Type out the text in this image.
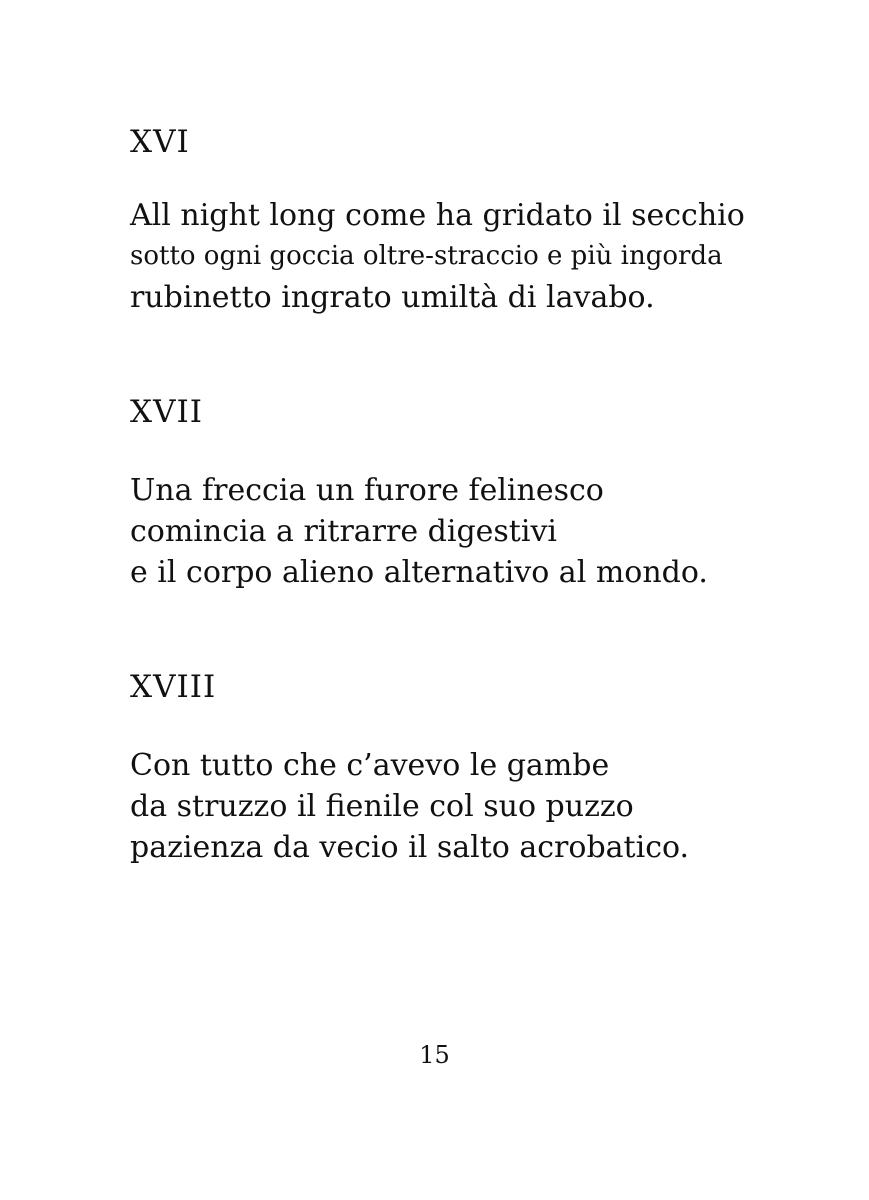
XVI
All night long come ha gridato il secchio
sotto ogni goccia oltre-straccio e più ingorda
rubinetto ingrato umiltà di lavabo.
XVII
Una freccia un furore felinesco
comincia a ritrarre digestivi
e il corpo alieno alternativo al mondo.
XVIII
Con tutto che c’avevo le gambe
da struzzo il fienile col suo puzzo
pazienza da vecio il salto acrobatico.
15
